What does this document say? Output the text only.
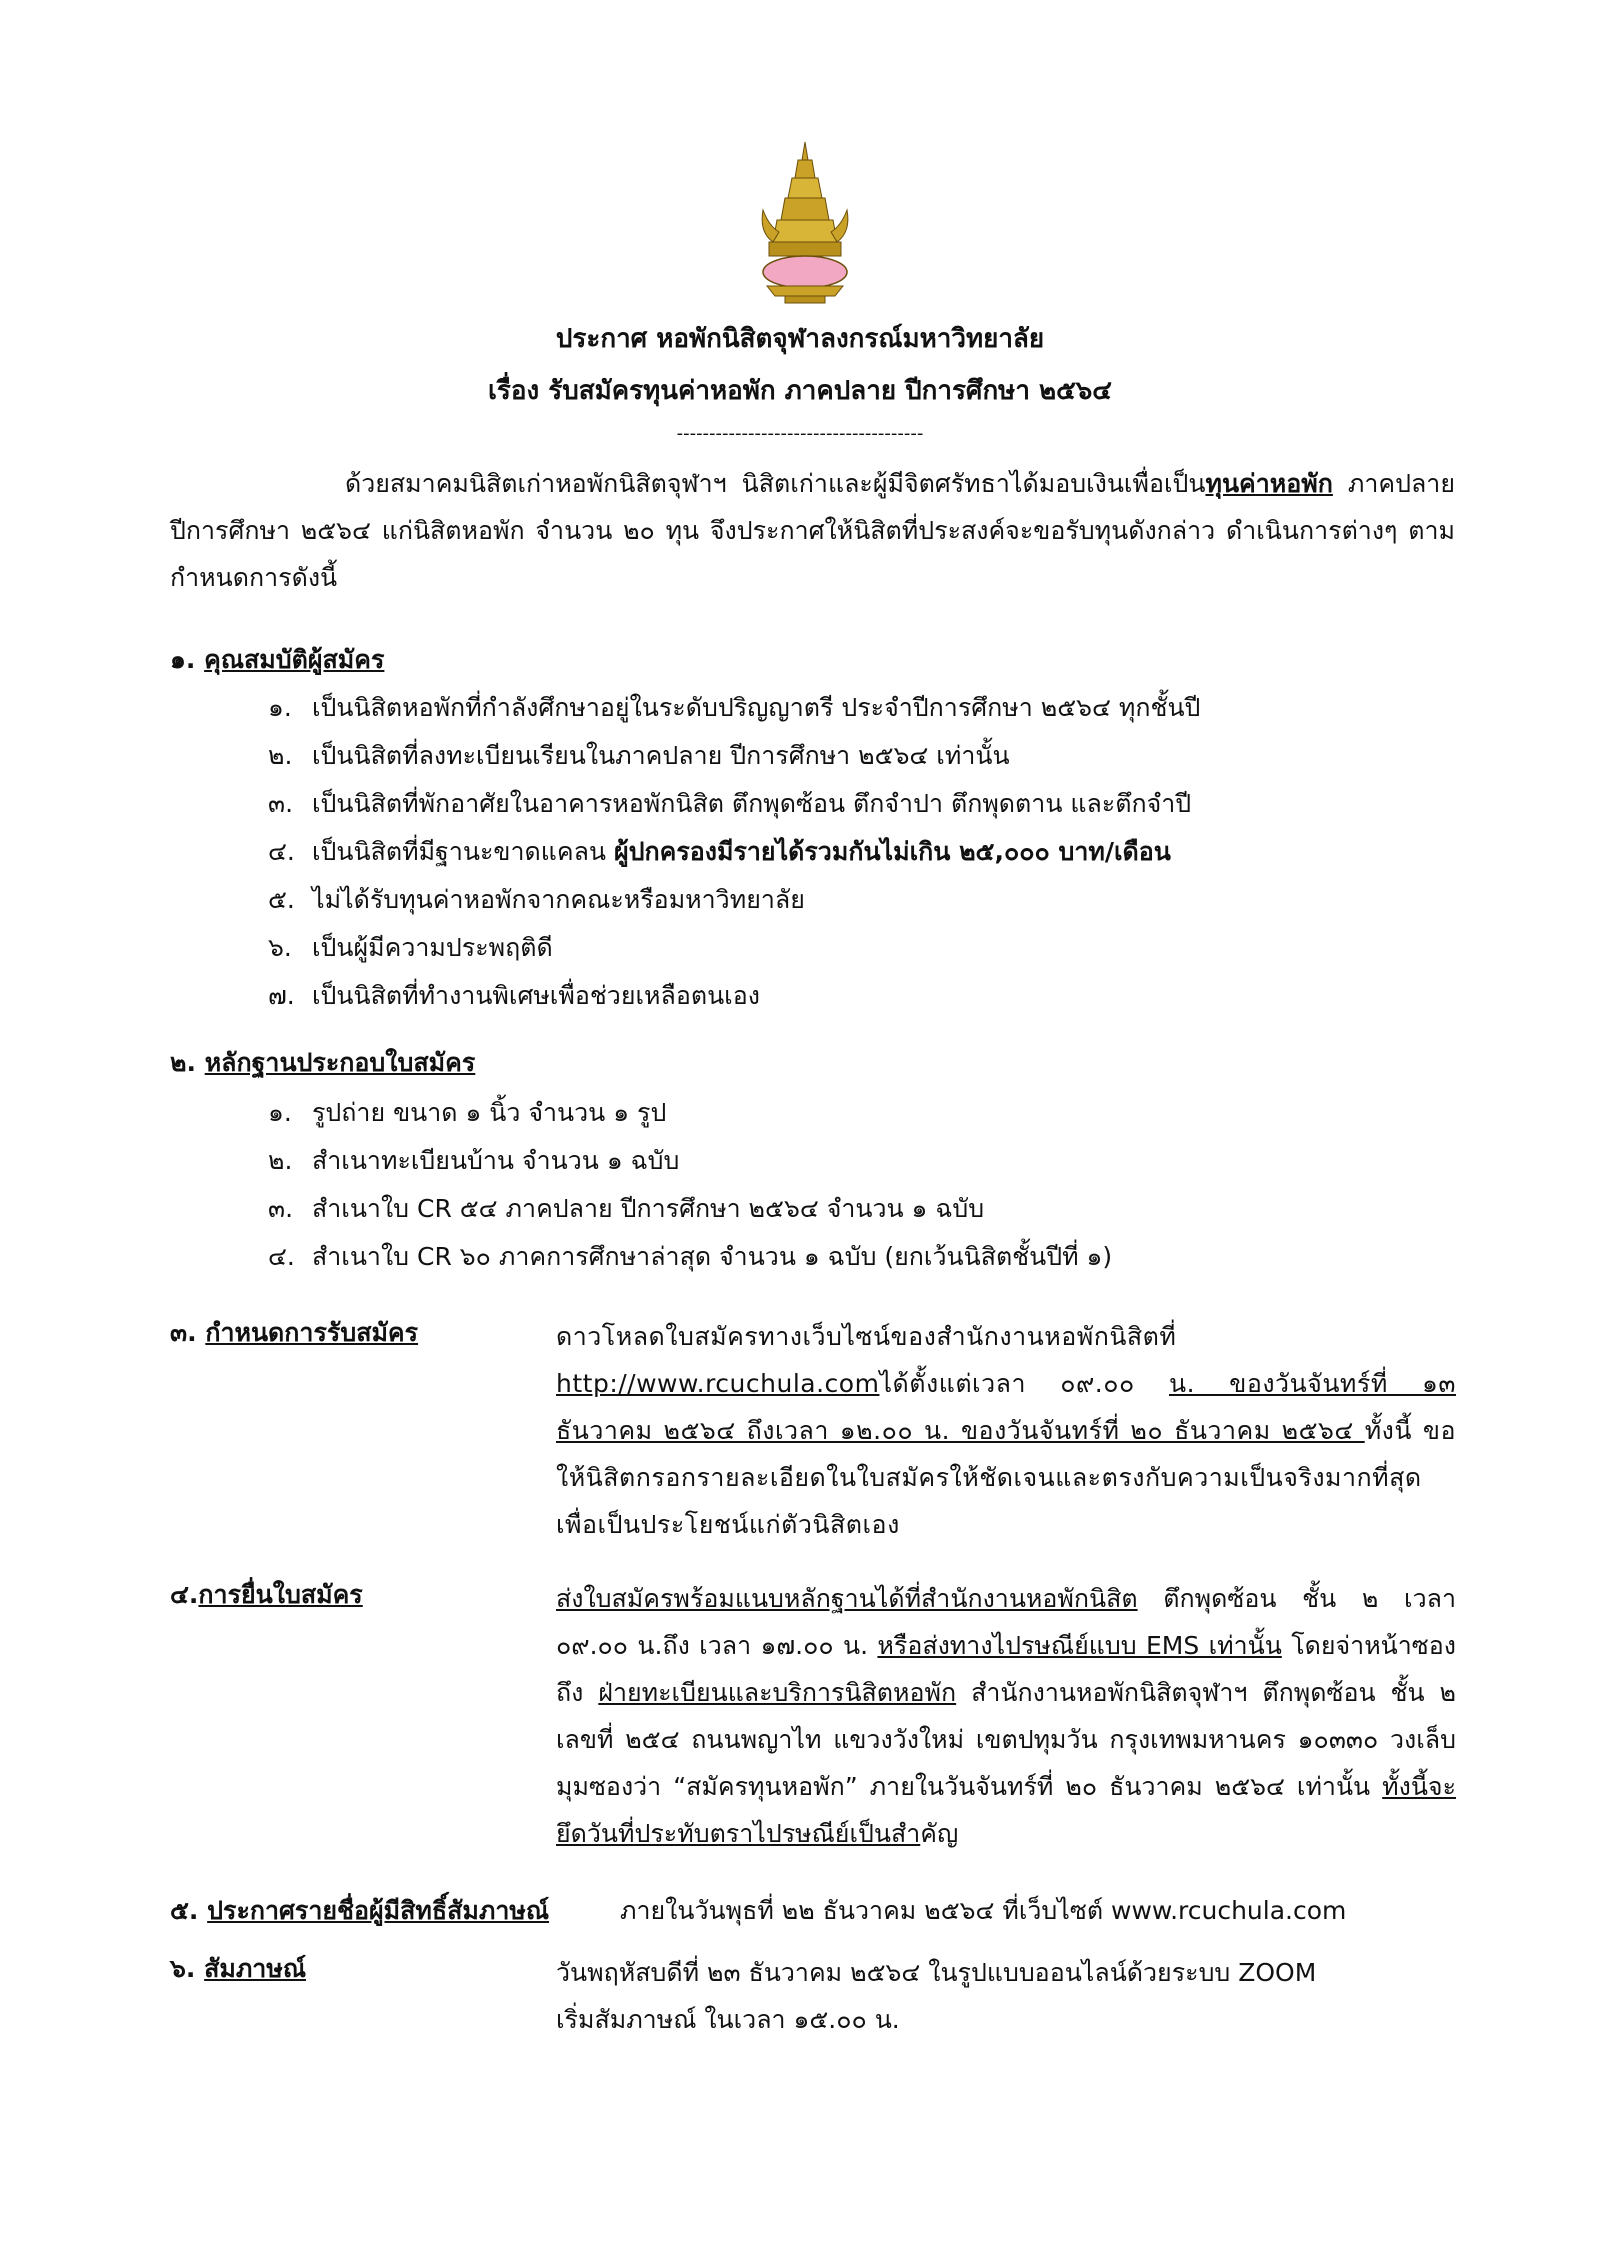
ประกาศ หอพักนิสิตจุฬาลงกรณ์มหาวิทยาลัย
เรื่อง รับสมัครทุนค่าหอพัก ภาคปลาย ปีการศึกษา ๒๕๖๔
--------------------------------------
ด้วยสมาคมนิสิตเก่าหอพักนิสิตจุฬาฯ นิสิตเก่าและผู้มีจิตศรัทธาได้มอบเงินเพื่อเป็นทุนค่าหอพัก ภาคปลาย ปีการศึกษา ๒๕๖๔ แก่นิสิตหอพัก จำนวน ๒๐ ทุน จึงประกาศให้นิสิตที่ประสงค์จะขอรับทุนดังกล่าว ดำเนินการต่างๆ ตามกำหนดการดังนี้
๑. คุณสมบัติผู้สมัคร
๑. เป็นนิสิตหอพักที่กำลังศึกษาอยู่ในระดับปริญญาตรี ประจำปีการศึกษา ๒๕๖๔ ทุกชั้นปี
๒. เป็นนิสิตที่ลงทะเบียนเรียนในภาคปลาย ปีการศึกษา ๒๕๖๔ เท่านั้น
๓. เป็นนิสิตที่พักอาศัยในอาคารหอพักนิสิต ตึกพุดซ้อน ตึกจำปา ตึกพุดตาน และตึกจำปี
๔. เป็นนิสิตที่มีฐานะขาดแคลน ผู้ปกครองมีรายได้รวมกันไม่เกิน ๒๕,๐๐๐ บาท/เดือน
๕. ไม่ได้รับทุนค่าหอพักจากคณะหรือมหาวิทยาลัย
๖. เป็นผู้มีความประพฤติดี
๗. เป็นนิสิตที่ทำงานพิเศษเพื่อช่วยเหลือตนเอง
๒. หลักฐานประกอบใบสมัคร
๑. รูปถ่าย ขนาด ๑ นิ้ว จำนวน ๑ รูป
๒. สำเนาทะเบียนบ้าน จำนวน ๑ ฉบับ
๓. สำเนาใบ CR ๕๔ ภาคปลาย ปีการศึกษา ๒๕๖๔ จำนวน ๑ ฉบับ
๔. สำเนาใบ CR ๖๐ ภาคการศึกษาล่าสุด จำนวน ๑ ฉบับ (ยกเว้นนิสิตชั้นปีที่ ๑)
๓. กำหนดการรับสมัคร	ดาวโหลดใบสมัครทางเว็บไซน์ของสำนักงานหอพักนิสิตที่ http://www.rcuchula.comได้ตั้งแต่เวลา ๐๙.๐๐ น. ของวันจันทร์ที่ ๑๓ ธันวาคม ๒๕๖๔ ถึงเวลา ๑๒.๐๐ น. ของวันจันทร์ที่ ๒๐ ธันวาคม ๒๕๖๔ ทั้งนี้ ขอให้นิสิตกรอกรายละเอียดในใบสมัครให้ชัดเจนและตรงกับความเป็นจริงมากที่สุดเพื่อเป็นประโยชน์แก่ตัวนิสิตเอง
๔.การยื่นใบสมัคร	ส่งใบสมัครพร้อมแนบหลักฐานได้ที่สำนักงานหอพักนิสิต ตึกพุดซ้อน ชั้น ๒ เวลา ๐๙.๐๐ น.ถึง เวลา ๑๗.๐๐ น. หรือส่งทางไปรษณีย์แบบ EMS เท่านั้น โดยจ่าหน้าซองถึง ฝ่ายทะเบียนและบริการนิสิตหอพัก สำนักงานหอพักนิสิตจุฬาฯ ตึกพุดซ้อน ชั้น ๒ เลขที่ ๒๕๔ ถนนพญาไท แขวงวังใหม่ เขตปทุมวัน กรุงเทพมหานคร ๑๐๓๓๐ วงเล็บมุมซองว่า “สมัครทุนหอพัก” ภายในวันจันทร์ที่ ๒๐ ธันวาคม ๒๕๖๔ เท่านั้น ทั้งนี้จะยึดวันที่ประทับตราไปรษณีย์เป็นสำคัญ
๕. ประกาศรายชื่อผู้มีสิทธิ์สัมภาษณ์	ภายในวันพุธที่ ๒๒ ธันวาคม ๒๕๖๔ ที่เว็บไซต์ www.rcuchula.com
๖. สัมภาษณ์	วันพฤหัสบดีที่ ๒๓ ธันวาคม ๒๕๖๔ ในรูปแบบออนไลน์ด้วยระบบ ZOOM
เริ่มสัมภาษณ์ ในเวลา ๑๕.๐๐ น.
